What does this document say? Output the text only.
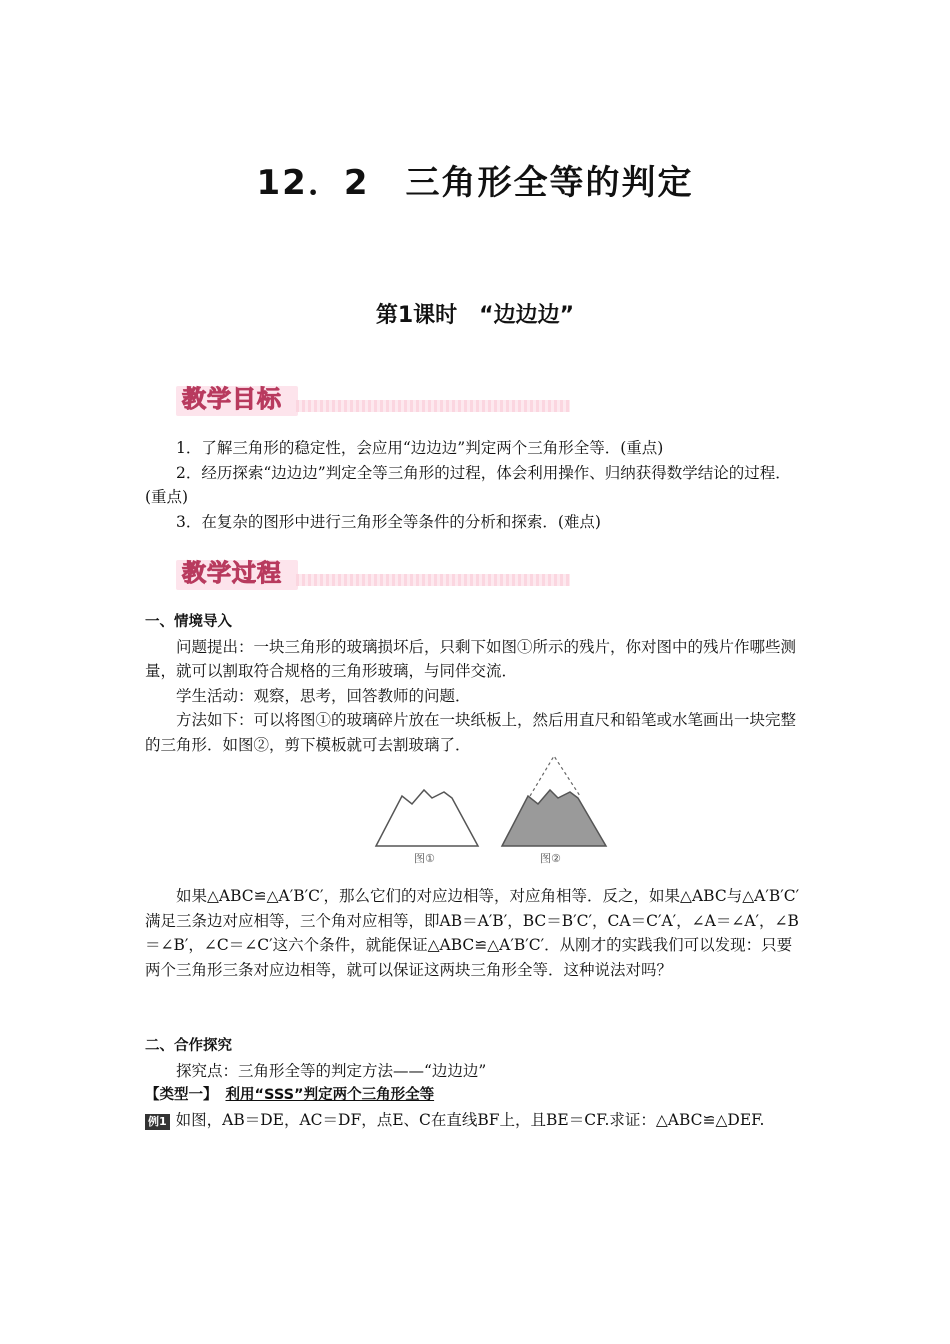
12．2　三角形全等的判定
第1课时　“边边边”
教学目标

1．了解三角形的稳定性，会应用“边边边”判定两个三角形全等．(重点)

2．经历探索“边边边”判定全等三角形的过程，体会利用操作、归纳获得数学结论的过程．(重点)

3．在复杂的图形中进行三角形全等条件的分析和探索．(难点)

教学过程

一、情境导入

问题提出：一块三角形的玻璃损坏后，只剩下如图①所示的残片，你对图中的残片作哪些测量，就可以割取符合规格的三角形玻璃，与同伴交流．

学生活动：观察，思考，回答教师的问题．

方法如下：可以将图①的玻璃碎片放在一块纸板上，然后用直尺和铅笔或水笔画出一块完整的三角形．如图②，剪下模板就可去割玻璃了．

图①	图②

如果△ABC≌△A′B′C′，那么它们的对应边相等，对应角相等．反之，如果△ABC与△A′B′C′满足三条边对应相等，三个角对应相等，即AB＝A′B′，BC＝B′C′，CA＝C′A′，∠A＝∠A′，∠B＝∠B′，∠C＝∠C′这六个条件，就能保证△ABC≌△A′B′C′．从刚才的实践我们可以发现：只要两个三角形三条对应边相等，就可以保证这两块三角形全等．这种说法对吗？

二、合作探究

探究点：三角形全等的判定方法——“边边边”

【类型一】 利用“SSS”判定两个三角形全等

例1 如图，AB＝DE，AC＝DF，点E、C在直线BF上，且BE＝CF.求证：△ABC≌△DEF.
